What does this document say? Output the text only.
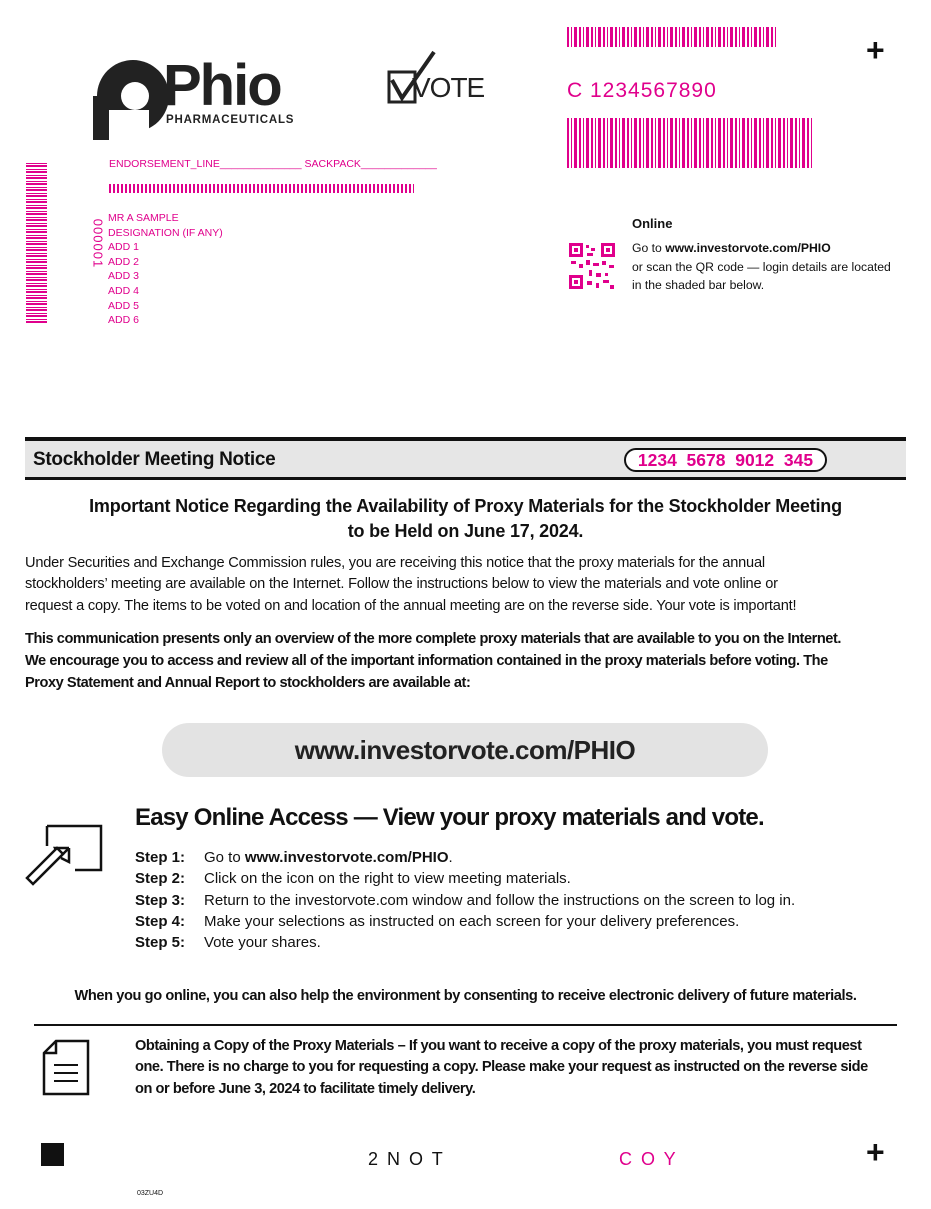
+
Phio
PHARMACEUTICALS
VOTE	C 1234567890
ENDORSEMENT_LINE______________ SACKPACK_____________
000001
MR A SAMPLE
DESIGNATION (IF ANY)
ADD 1
ADD 2
ADD 3
ADD 4
ADD 5
ADD 6
Online
Go to www.investorvote.com/PHIO
or scan the QR code — login details are located
in the shaded bar below.
Stockholder Meeting Notice	1234  5678  9012  345
Important Notice Regarding the Availability of Proxy Materials for the Stockholder Meeting
to be Held on June 17, 2024.
Under Securities and Exchange Commission rules, you are receiving this notice that the proxy materials for the annual
stockholders’ meeting are available on the Internet. Follow the instructions below to view the materials and vote online or
request a copy. The items to be voted on and location of the annual meeting are on the reverse side. Your vote is important!
This communication presents only an overview of the more complete proxy materials that are available to you on the Internet.
We encourage you to access and review all of the important information contained in the proxy materials before voting. The
Proxy Statement and Annual Report to stockholders are available at:
www.investorvote.com/PHIO
Easy Online Access — View your proxy materials and vote.
Step 1:	Go to www.investorvote.com/PHIO.
Step 2:	Click on the icon on the right to view meeting materials.
Step 3:	Return to the investorvote.com window and follow the instructions on the screen to log in.
Step 4:	Make your selections as instructed on each screen for your delivery preferences.
Step 5:	Vote your shares.
When you go online, you can also help the environment by consenting to receive electronic delivery of future materials.
Obtaining a Copy of the Proxy Materials – If you want to receive a copy of the proxy materials, you must request
one. There is no charge to you for requesting a copy. Please make your request as instructed on the reverse side
on or before June 3, 2024 to facilitate timely delivery.
2 N O T	C O Y	+
03ZU4D
